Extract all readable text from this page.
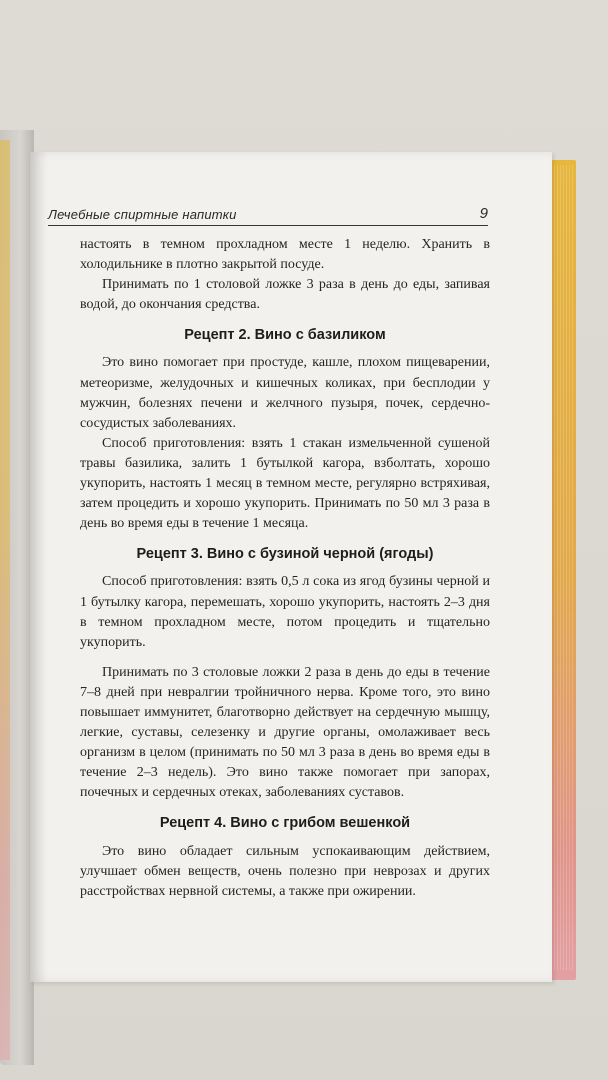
Лечебные спиртные напитки	9

настоять в темном прохладном месте 1 неделю. Хранить в холодильнике в плотно закрытой посуде.

Принимать по 1 столовой ложке 3 раза в день до еды, запивая водой, до окончания средства.

Рецепт 2. Вино с базиликом

Это вино помогает при простуде, кашле, плохом пищеварении, метеоризме, желудочных и кишечных коликах, при бесплодии у мужчин, болезнях печени и желчного пузыря, почек, сердечно-сосудистых заболеваниях.

Способ приготовления: взять 1 стакан измельченной сушеной травы базилика, залить 1 бутылкой кагора, взболтать, хорошо укупорить, настоять 1 месяц в темном месте, регулярно встряхивая, затем процедить и хорошо укупорить. Принимать по 50 мл 3 раза в день во время еды в течение 1 месяца.

Рецепт 3. Вино с бузиной черной (ягоды)

Способ приготовления: взять 0,5 л сока из ягод бузины черной и 1 бутылку кагора, перемешать, хорошо укупорить, настоять 2–3 дня в темном прохладном месте, потом процедить и тщательно укупорить.

Принимать по 3 столовые ложки 2 раза в день до еды в течение 7–8 дней при невралгии тройничного нерва. Кроме того, это вино повышает иммунитет, благотворно действует на сердечную мышцу, легкие, суставы, селезенку и другие органы, омолаживает весь организм в целом (принимать по 50 мл 3 раза в день во время еды в течение 2–3 недель). Это вино также помогает при запорах, почечных и сердечных отеках, заболеваниях суставов.

Рецепт 4. Вино с грибом вешенкой

Это вино обладает сильным успокаивающим действием, улучшает обмен веществ, очень полезно при неврозах и других расстройствах нервной системы, а также при ожирении.
